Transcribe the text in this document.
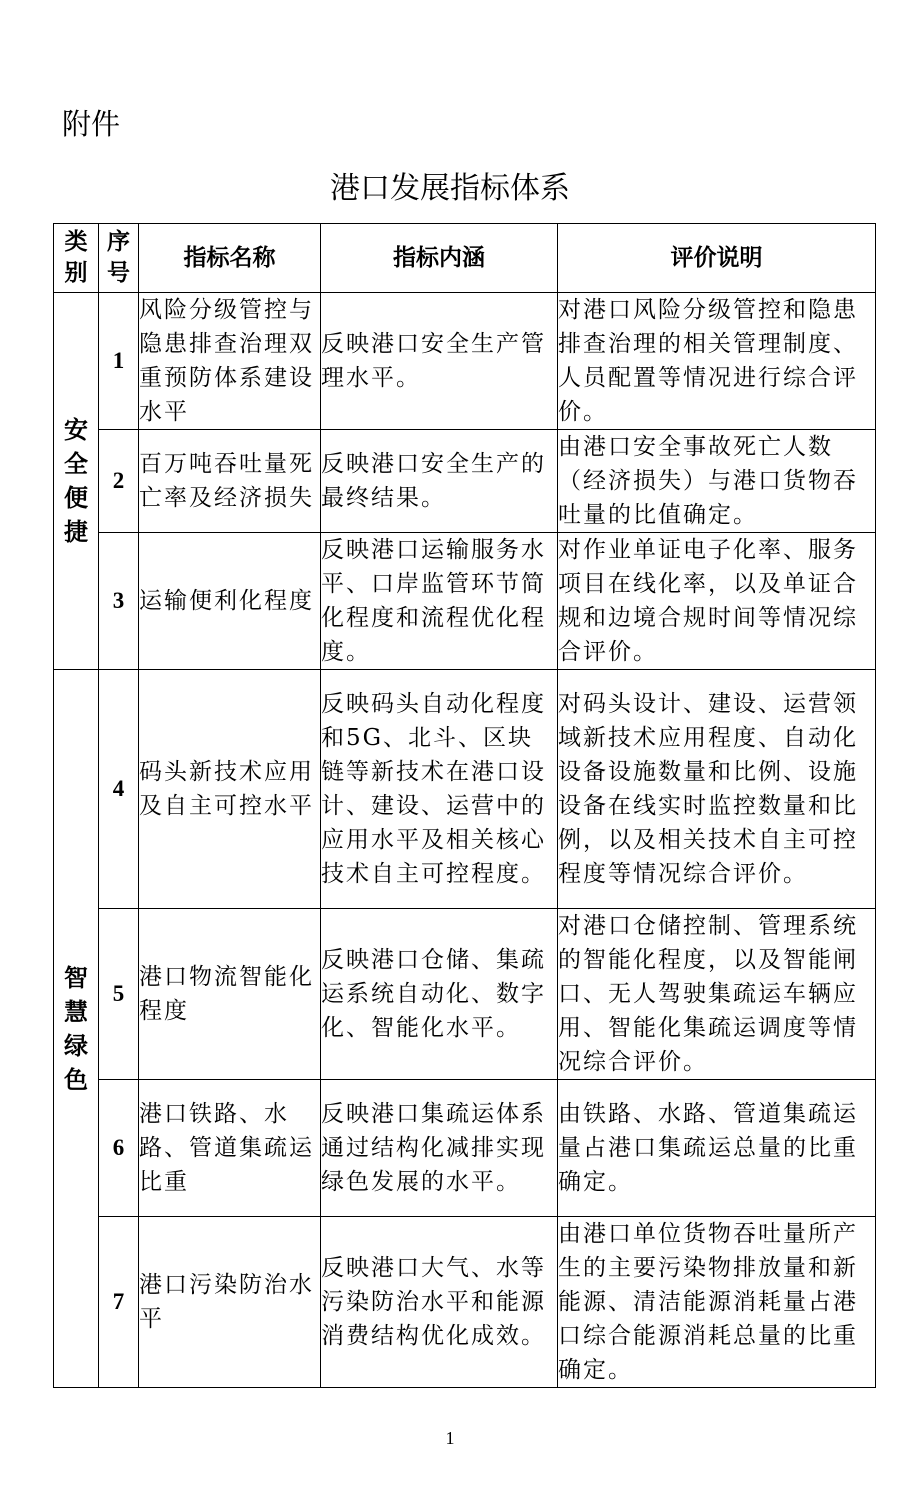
附件
港口发展指标体系
类别	序号	指标名称	指标内涵	评价说明

安全便捷	1	风险分级管控与隐患排查治理双重预防体系建设水平	反映港口安全生产管理水平。	对港口风险分级管控和隐患排查治理的相关管理制度、人员配置等情况进行综合评价。
	2	百万吨吞吐量死亡率及经济损失	反映港口安全生产的最终结果。	由港口安全事故死亡人数（经济损失）与港口货物吞吐量的比值确定。
	3	运输便利化程度	反映港口运输服务水平、口岸监管环节简化程度和流程优化程度。	对作业单证电子化率、服务项目在线化率，以及单证合规和边境合规时间等情况综合评价。

智慧绿色	4	码头新技术应用及自主可控水平	反映码头自动化程度和5G、北斗、区块链等新技术在港口设计、建设、运营中的应用水平及相关核心技术自主可控程度。	对码头设计、建设、运营领域新技术应用程度、自动化设备设施数量和比例、设施设备在线实时监控数量和比例，以及相关技术自主可控程度等情况综合评价。
	5	港口物流智能化程度	反映港口仓储、集疏运系统自动化、数字化、智能化水平。	对港口仓储控制、管理系统的智能化程度，以及智能闸口、无人驾驶集疏运车辆应用、智能化集疏运调度等情况综合评价。
	6	港口铁路、水路、管道集疏运比重	反映港口集疏运体系通过结构化减排实现绿色发展的水平。	由铁路、水路、管道集疏运量占港口集疏运总量的比重确定。
	7	港口污染防治水平	反映港口大气、水等污染防治水平和能源消费结构优化成效。	由港口单位货物吞吐量所产生的主要污染物排放量和新能源、清洁能源消耗量占港口综合能源消耗总量的比重确定。
1
